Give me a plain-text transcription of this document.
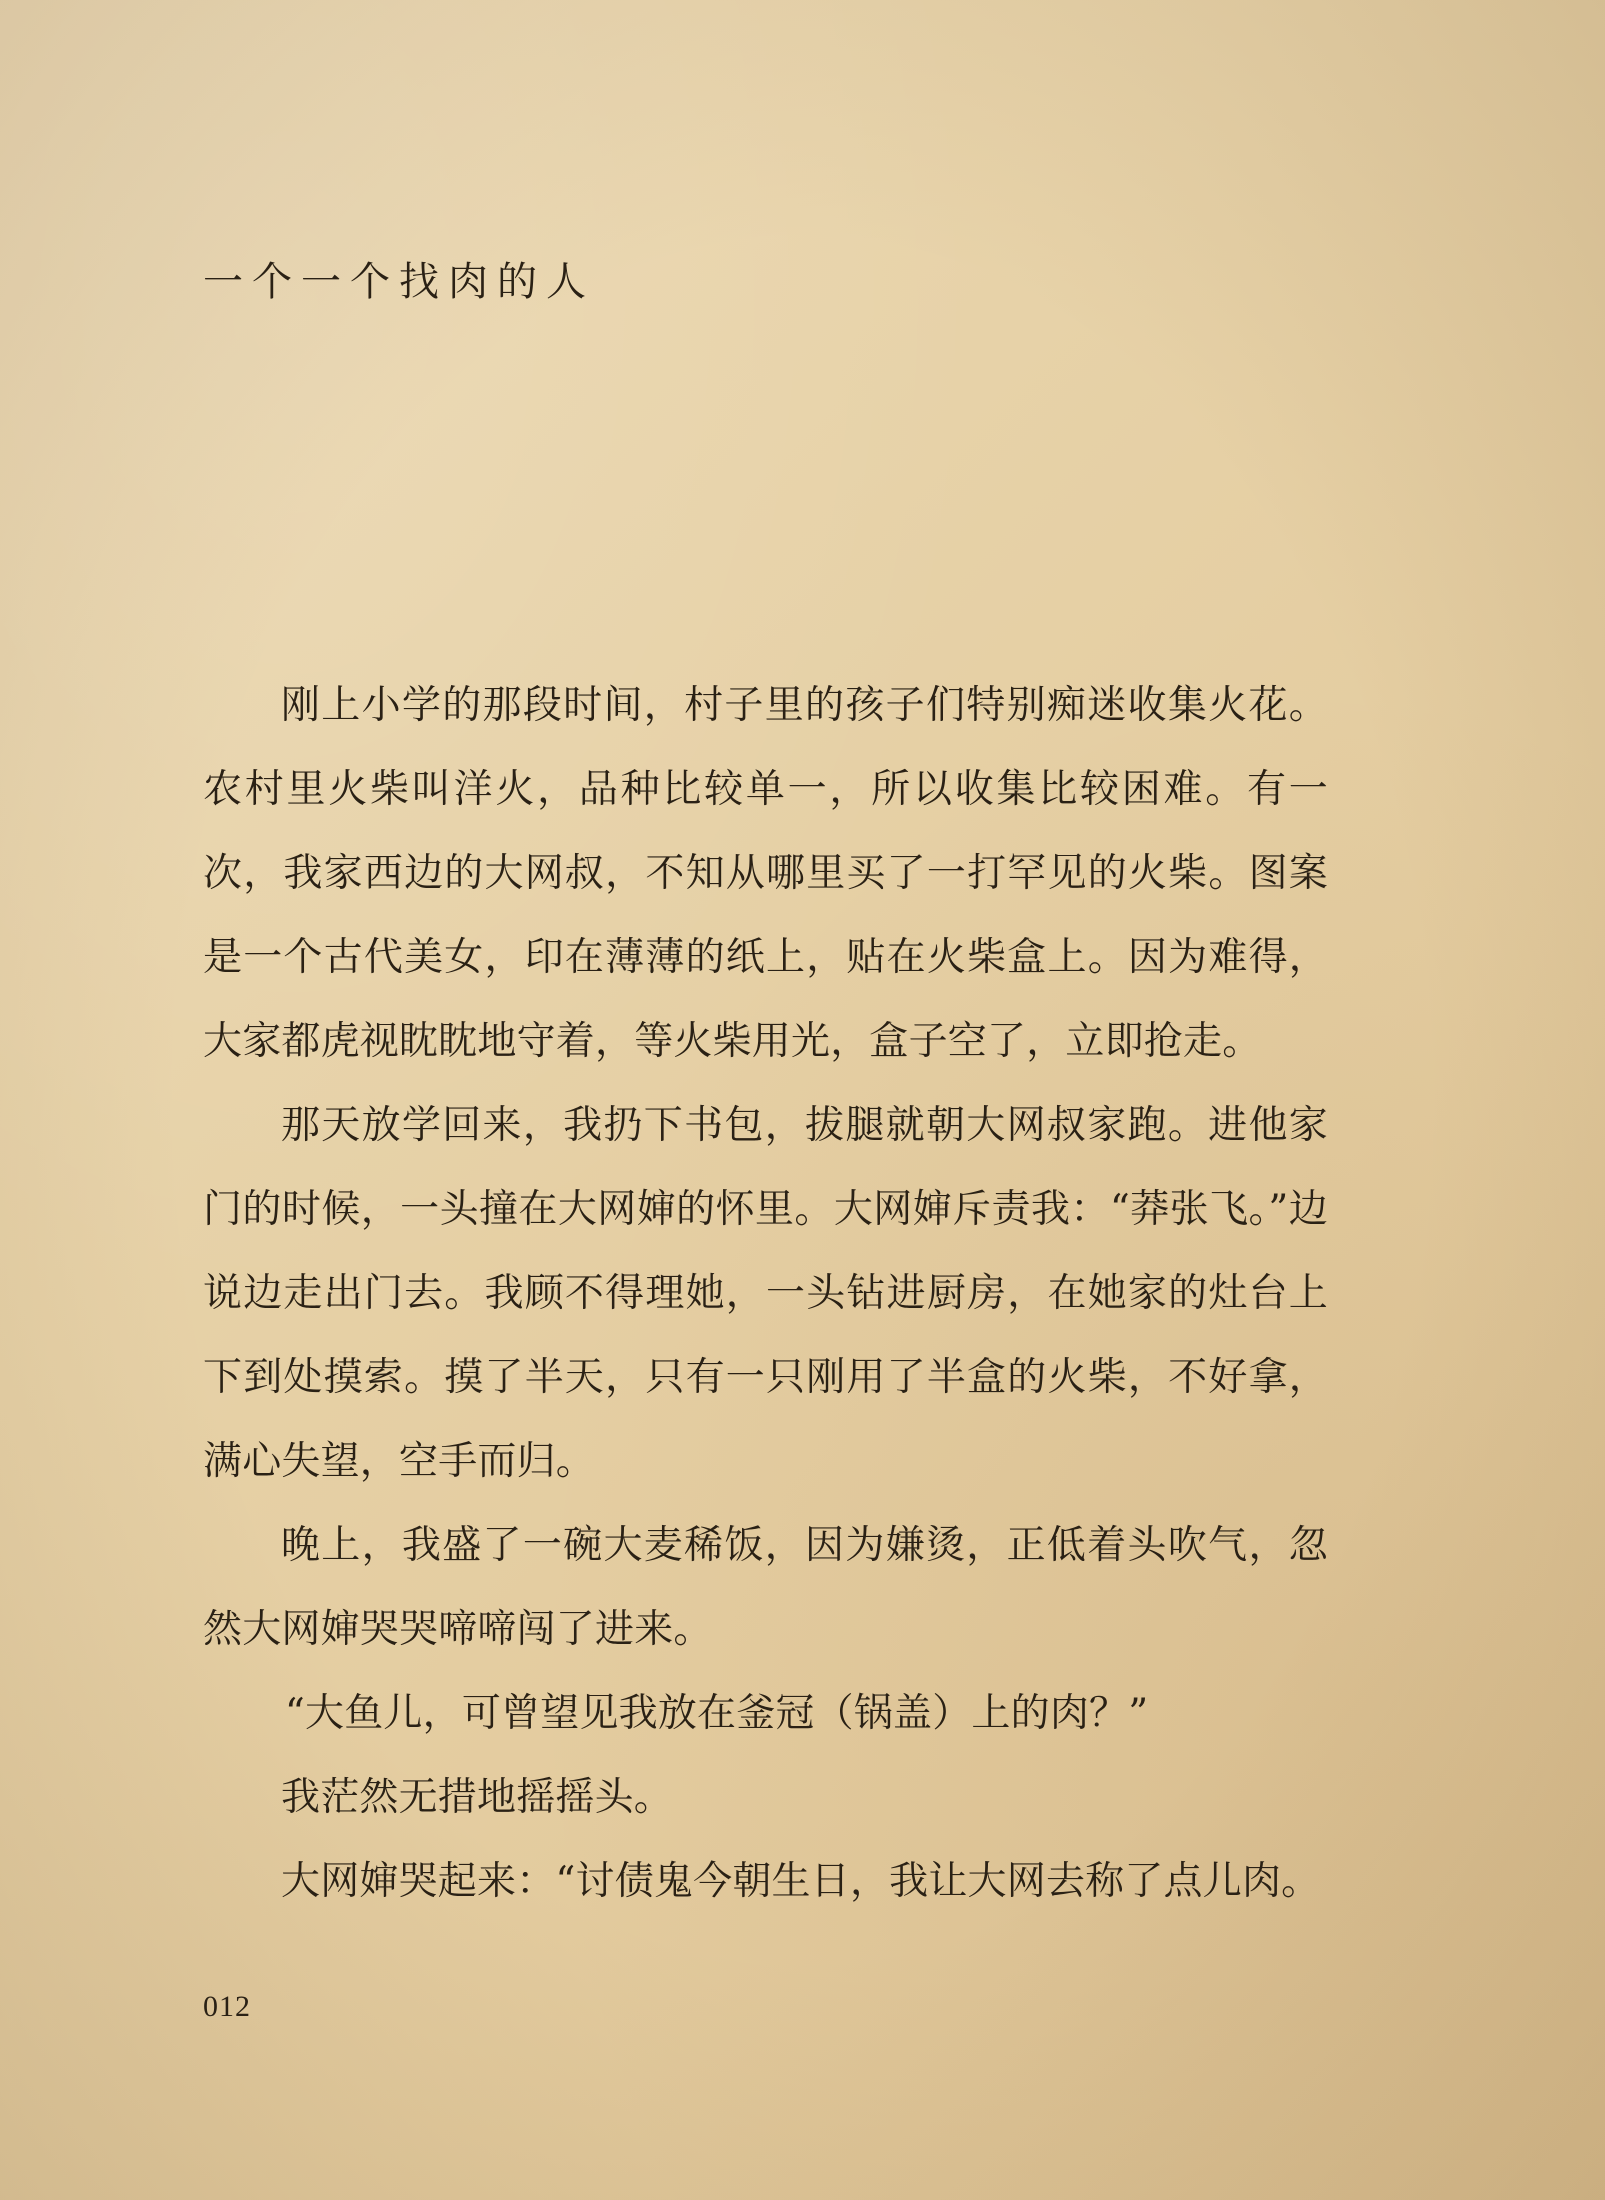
一个一个找肉的人

刚上小学的那段时间，村子里的孩子们特别痴迷收集火花。农村里火柴叫洋火，品种比较单一，所以收集比较困难。有一次，我家西边的大网叔，不知从哪里买了一打罕见的火柴。图案是一个古代美女，印在薄薄的纸上，贴在火柴盒上。因为难得，大家都虎视眈眈地守着，等火柴用光，盒子空了，立即抢走。

那天放学回来，我扔下书包，拔腿就朝大网叔家跑。进他家门的时候，一头撞在大网婶的怀里。大网婶斥责我：“莽张飞。”边说边走出门去。我顾不得理她，一头钻进厨房，在她家的灶台上下到处摸索。摸了半天，只有一只刚用了半盒的火柴，不好拿，满心失望，空手而归。

晚上，我盛了一碗大麦稀饭，因为嫌烫，正低着头吹气，忽然大网婶哭哭啼啼闯了进来。

“大鱼儿，可曾望见我放在釜冠（锅盖）上的肉？”

我茫然无措地摇摇头。

大网婶哭起来：“讨债鬼今朝生日，我让大网去称了点儿肉。

012
